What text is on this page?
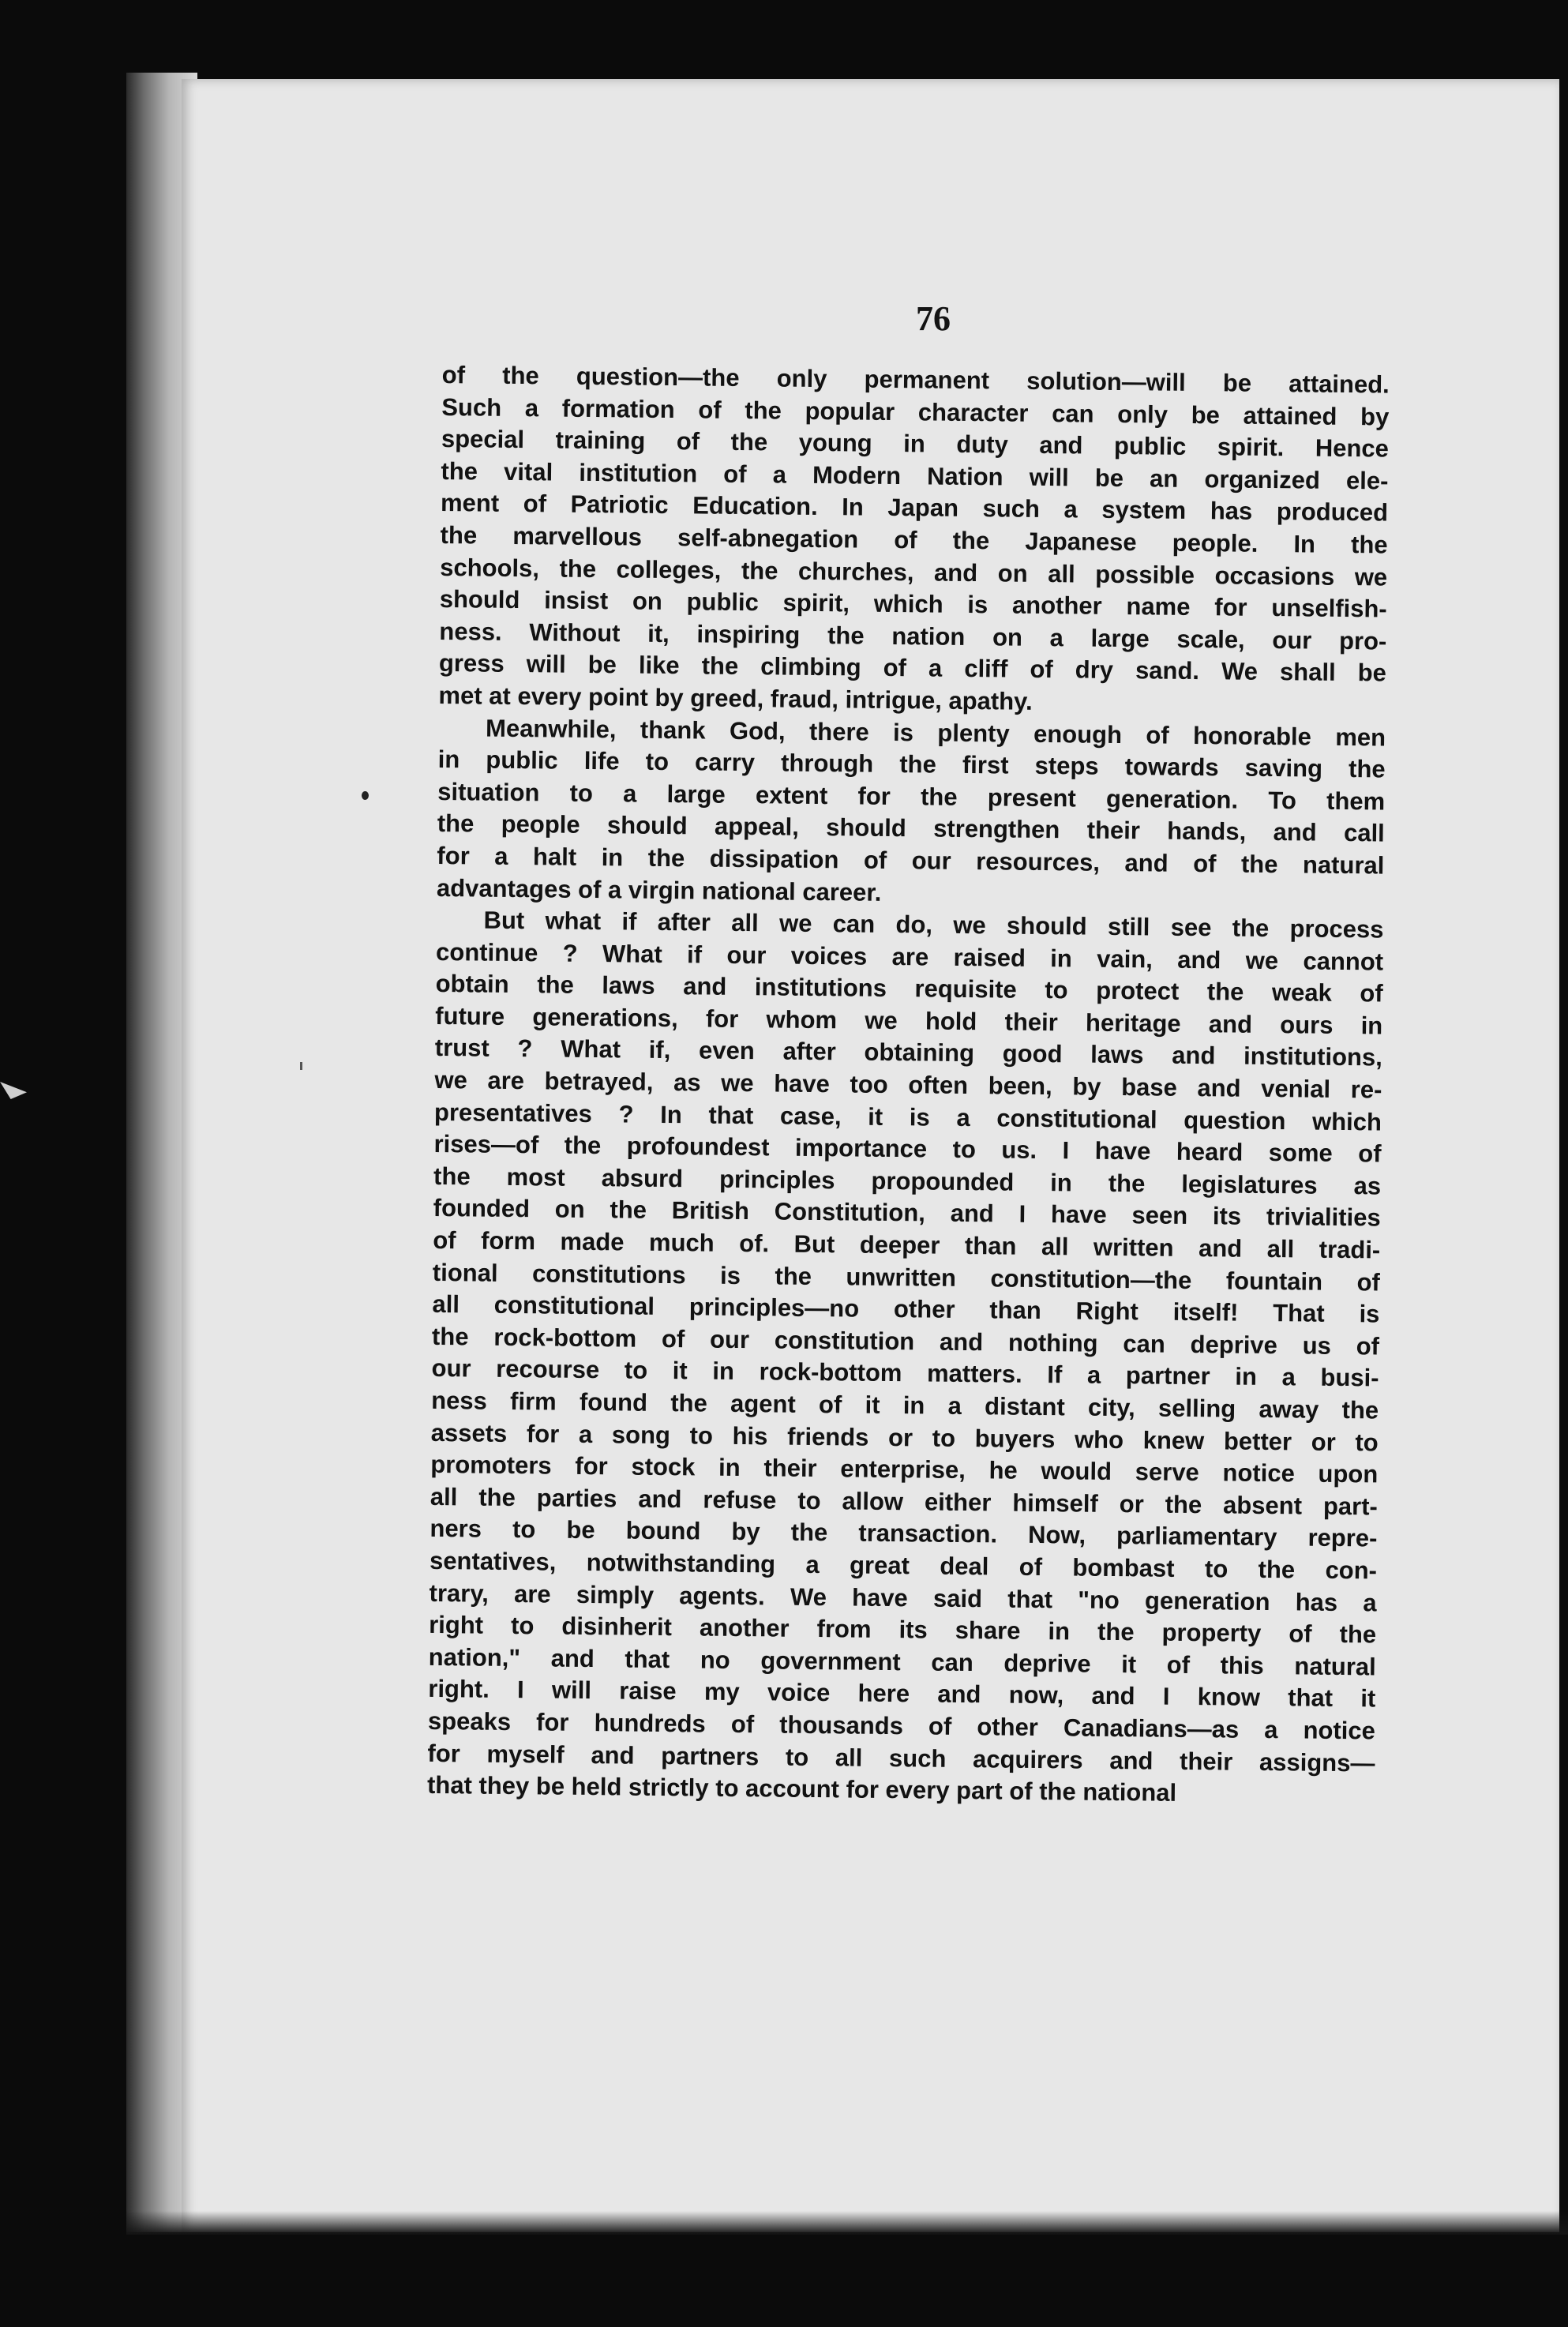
76
of the question—the only permanent solution—will be attained.
Such a formation of the popular character can only be attained by
special training of the young in duty and public spirit. Hence
the vital institution of a Modern Nation will be an organized ele-
ment of Patriotic Education. In Japan such a system has produced
the marvellous self-abnegation of the Japanese people. In the
schools, the colleges, the churches, and on all possible occasions we
should insist on public spirit, which is another name for unselfish-
ness. Without it, inspiring the nation on a large scale, our pro-
gress will be like the climbing of a cliff of dry sand. We shall be
met at every point by greed, fraud, intrigue, apathy.
Meanwhile, thank God, there is plenty enough of honorable men
in public life to carry through the first steps towards saving the
situation to a large extent for the present generation. To them
the people should appeal, should strengthen their hands, and call
for a halt in the dissipation of our resources, and of the natural
advantages of a virgin national career.
But what if after all we can do, we should still see the process
continue ? What if our voices are raised in vain, and we cannot
obtain the laws and institutions requisite to protect the weak of
future generations, for whom we hold their heritage and ours in
trust ? What if, even after obtaining good laws and institutions,
we are betrayed, as we have too often been, by base and venial re-
presentatives ? In that case, it is a constitutional question which
rises—of the profoundest importance to us. I have heard some of
the most absurd principles propounded in the legislatures as
founded on the British Constitution, and I have seen its trivialities
of form made much of. But deeper than all written and all tradi-
tional constitutions is the unwritten constitution—the fountain of
all constitutional principles—no other than Right itself! That is
the rock-bottom of our constitution and nothing can deprive us of
our recourse to it in rock-bottom matters. If a partner in a busi-
ness firm found the agent of it in a distant city, selling away the
assets for a song to his friends or to buyers who knew better or to
promoters for stock in their enterprise, he would serve notice upon
all the parties and refuse to allow either himself or the absent part-
ners to be bound by the transaction. Now, parliamentary repre-
sentatives, notwithstanding a great deal of bombast to the con-
trary, are simply agents. We have said that "no generation has a
right to disinherit another from its share in the property of the
nation," and that no government can deprive it of this natural
right. I will raise my voice here and now, and I know that it
speaks for hundreds of thousands of other Canadians—as a notice
for myself and partners to all such acquirers and their assigns—
that they be held strictly to account for every part of the national
